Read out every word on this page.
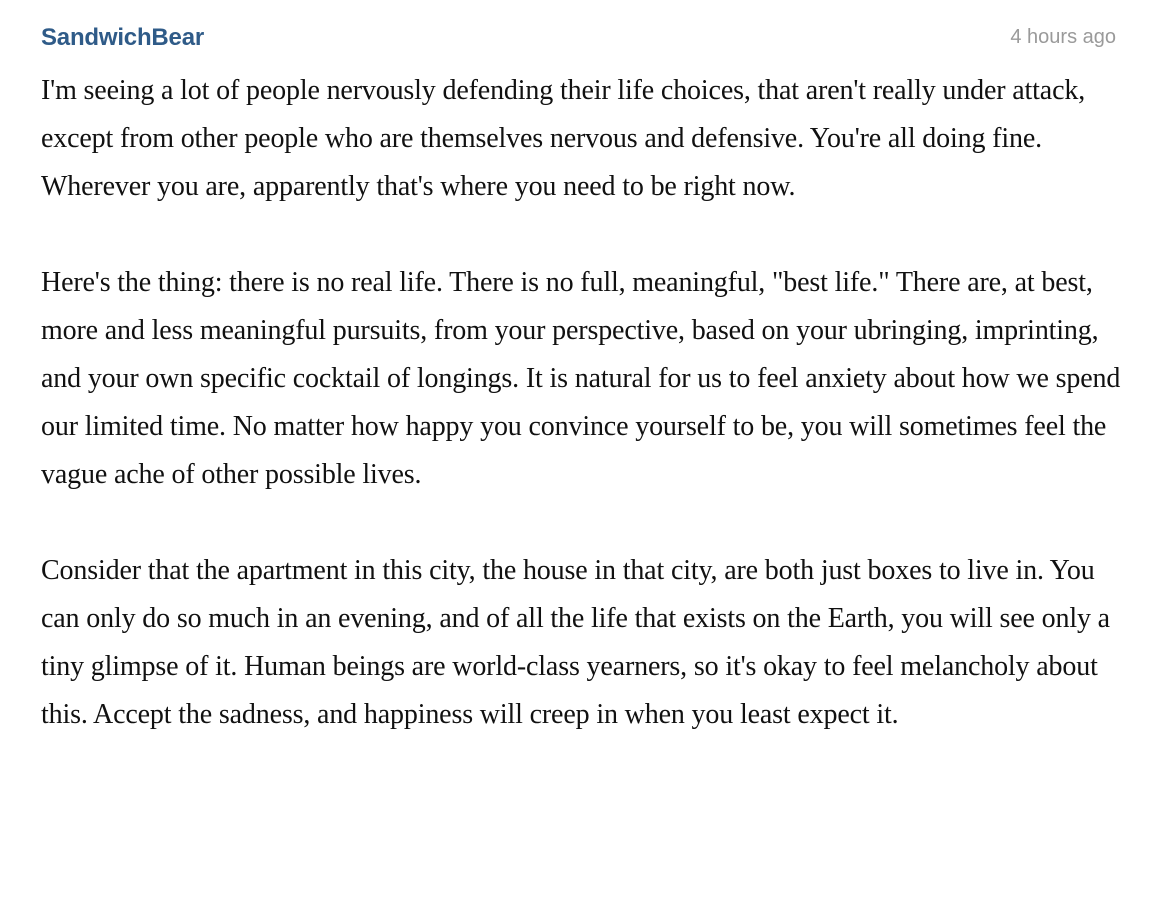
SandwichBear	4 hours ago

I'm seeing a lot of people nervously defending their life choices, that aren't really under attack, except from other people who are themselves nervous and defensive. You're all doing fine. Wherever you are, apparently that's where you need to be right now.

Here's the thing: there is no real life. There is no full, meaningful, "best life." There are, at best, more and less meaningful pursuits, from your perspective, based on your ubringing, imprinting, and your own specific cocktail of longings. It is natural for us to feel anxiety about how we spend our limited time. No matter how happy you convince yourself to be, you will sometimes feel the vague ache of other possible lives.

Consider that the apartment in this city, the house in that city, are both just boxes to live in. You can only do so much in an evening, and of all the life that exists on the Earth, you will see only a tiny glimpse of it. Human beings are world-class yearners, so it's okay to feel melancholy about this. Accept the sadness, and happiness will creep in when you least expect it.
